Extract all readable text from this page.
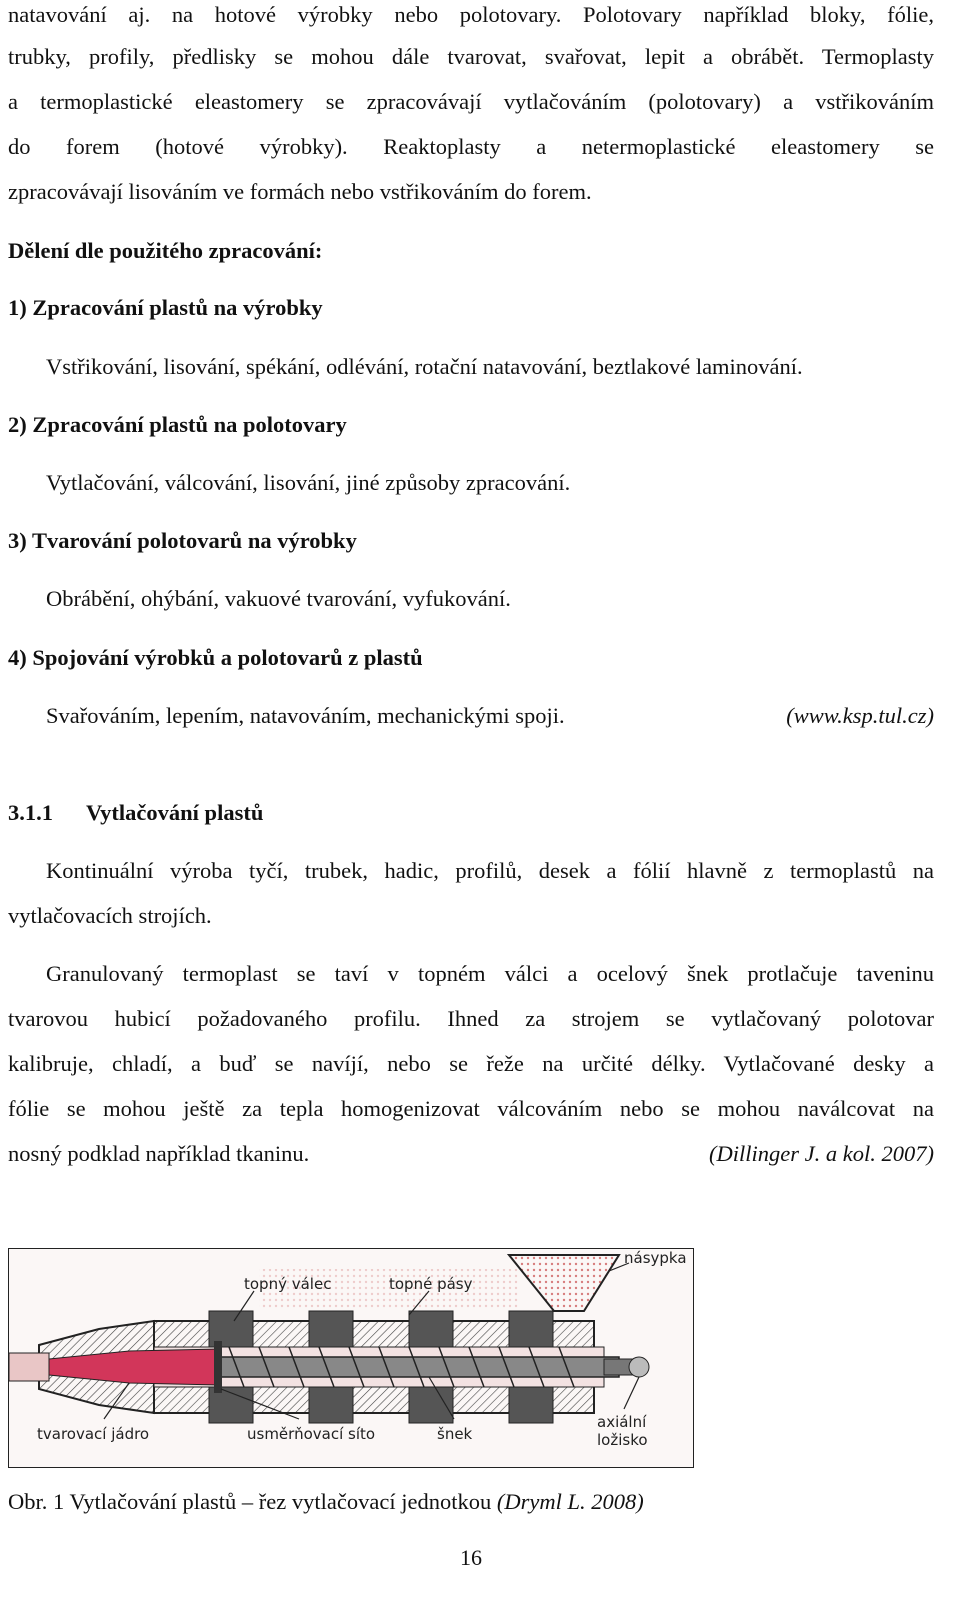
natavování aj. na hotové výrobky nebo polotovary. Polotovary například bloky, fólie,
trubky, profily, předlisky se mohou dále tvarovat, svařovat, lepit a obrábět. Termoplasty
a termoplastické eleastomery se zpracovávají vytlačováním (polotovary) a vstřikováním
do forem (hotové výrobky). Reaktoplasty a netermoplastické eleastomery se
zpracovávají lisováním ve formách nebo vstřikováním do forem.
Dělení dle použitého zpracování:
1) Zpracování plastů na výrobky
Vstřikování, lisování, spékání, odlévání, rotační natavování, beztlakové laminování.
2) Zpracování plastů na polotovary
Vytlačování, válcování, lisování, jiné způsoby zpracování.
3) Tvarování polotovarů na výrobky
Obrábění, ohýbání, vakuové tvarování, vyfukování.
4) Spojování výrobků a polotovarů z plastů
Svařováním, lepením, natavováním, mechanickými spoji.	(www.ksp.tul.cz)
3.1.1 Vytlačování plastů
Kontinuální výroba tyčí, trubek, hadic, profilů, desek a fólií hlavně z termoplastů na
vytlačovacích strojích.
Granulovaný termoplast se taví v topném válci a ocelový šnek protlačuje taveninu
tvarovou hubicí požadovaného profilu. Ihned za strojem se vytlačovaný polotovar
kalibruje, chladí, a buď se navíjí, nebo se řeže na určité délky. Vytlačované desky a
fólie se mohou ještě za tepla homogenizovat válcováním nebo se mohou naválcovat na
nosný podklad například tkaninu.	(Dillinger J. a kol. 2007)
topný válec	topné pásy
násypka
tvarovací jádro	usměrňovací síto	šnek
axiální
ložisko
Obr. 1 Vytlačování plastů – řez vytlačovací jednotkou (Dryml L. 2008)
16
